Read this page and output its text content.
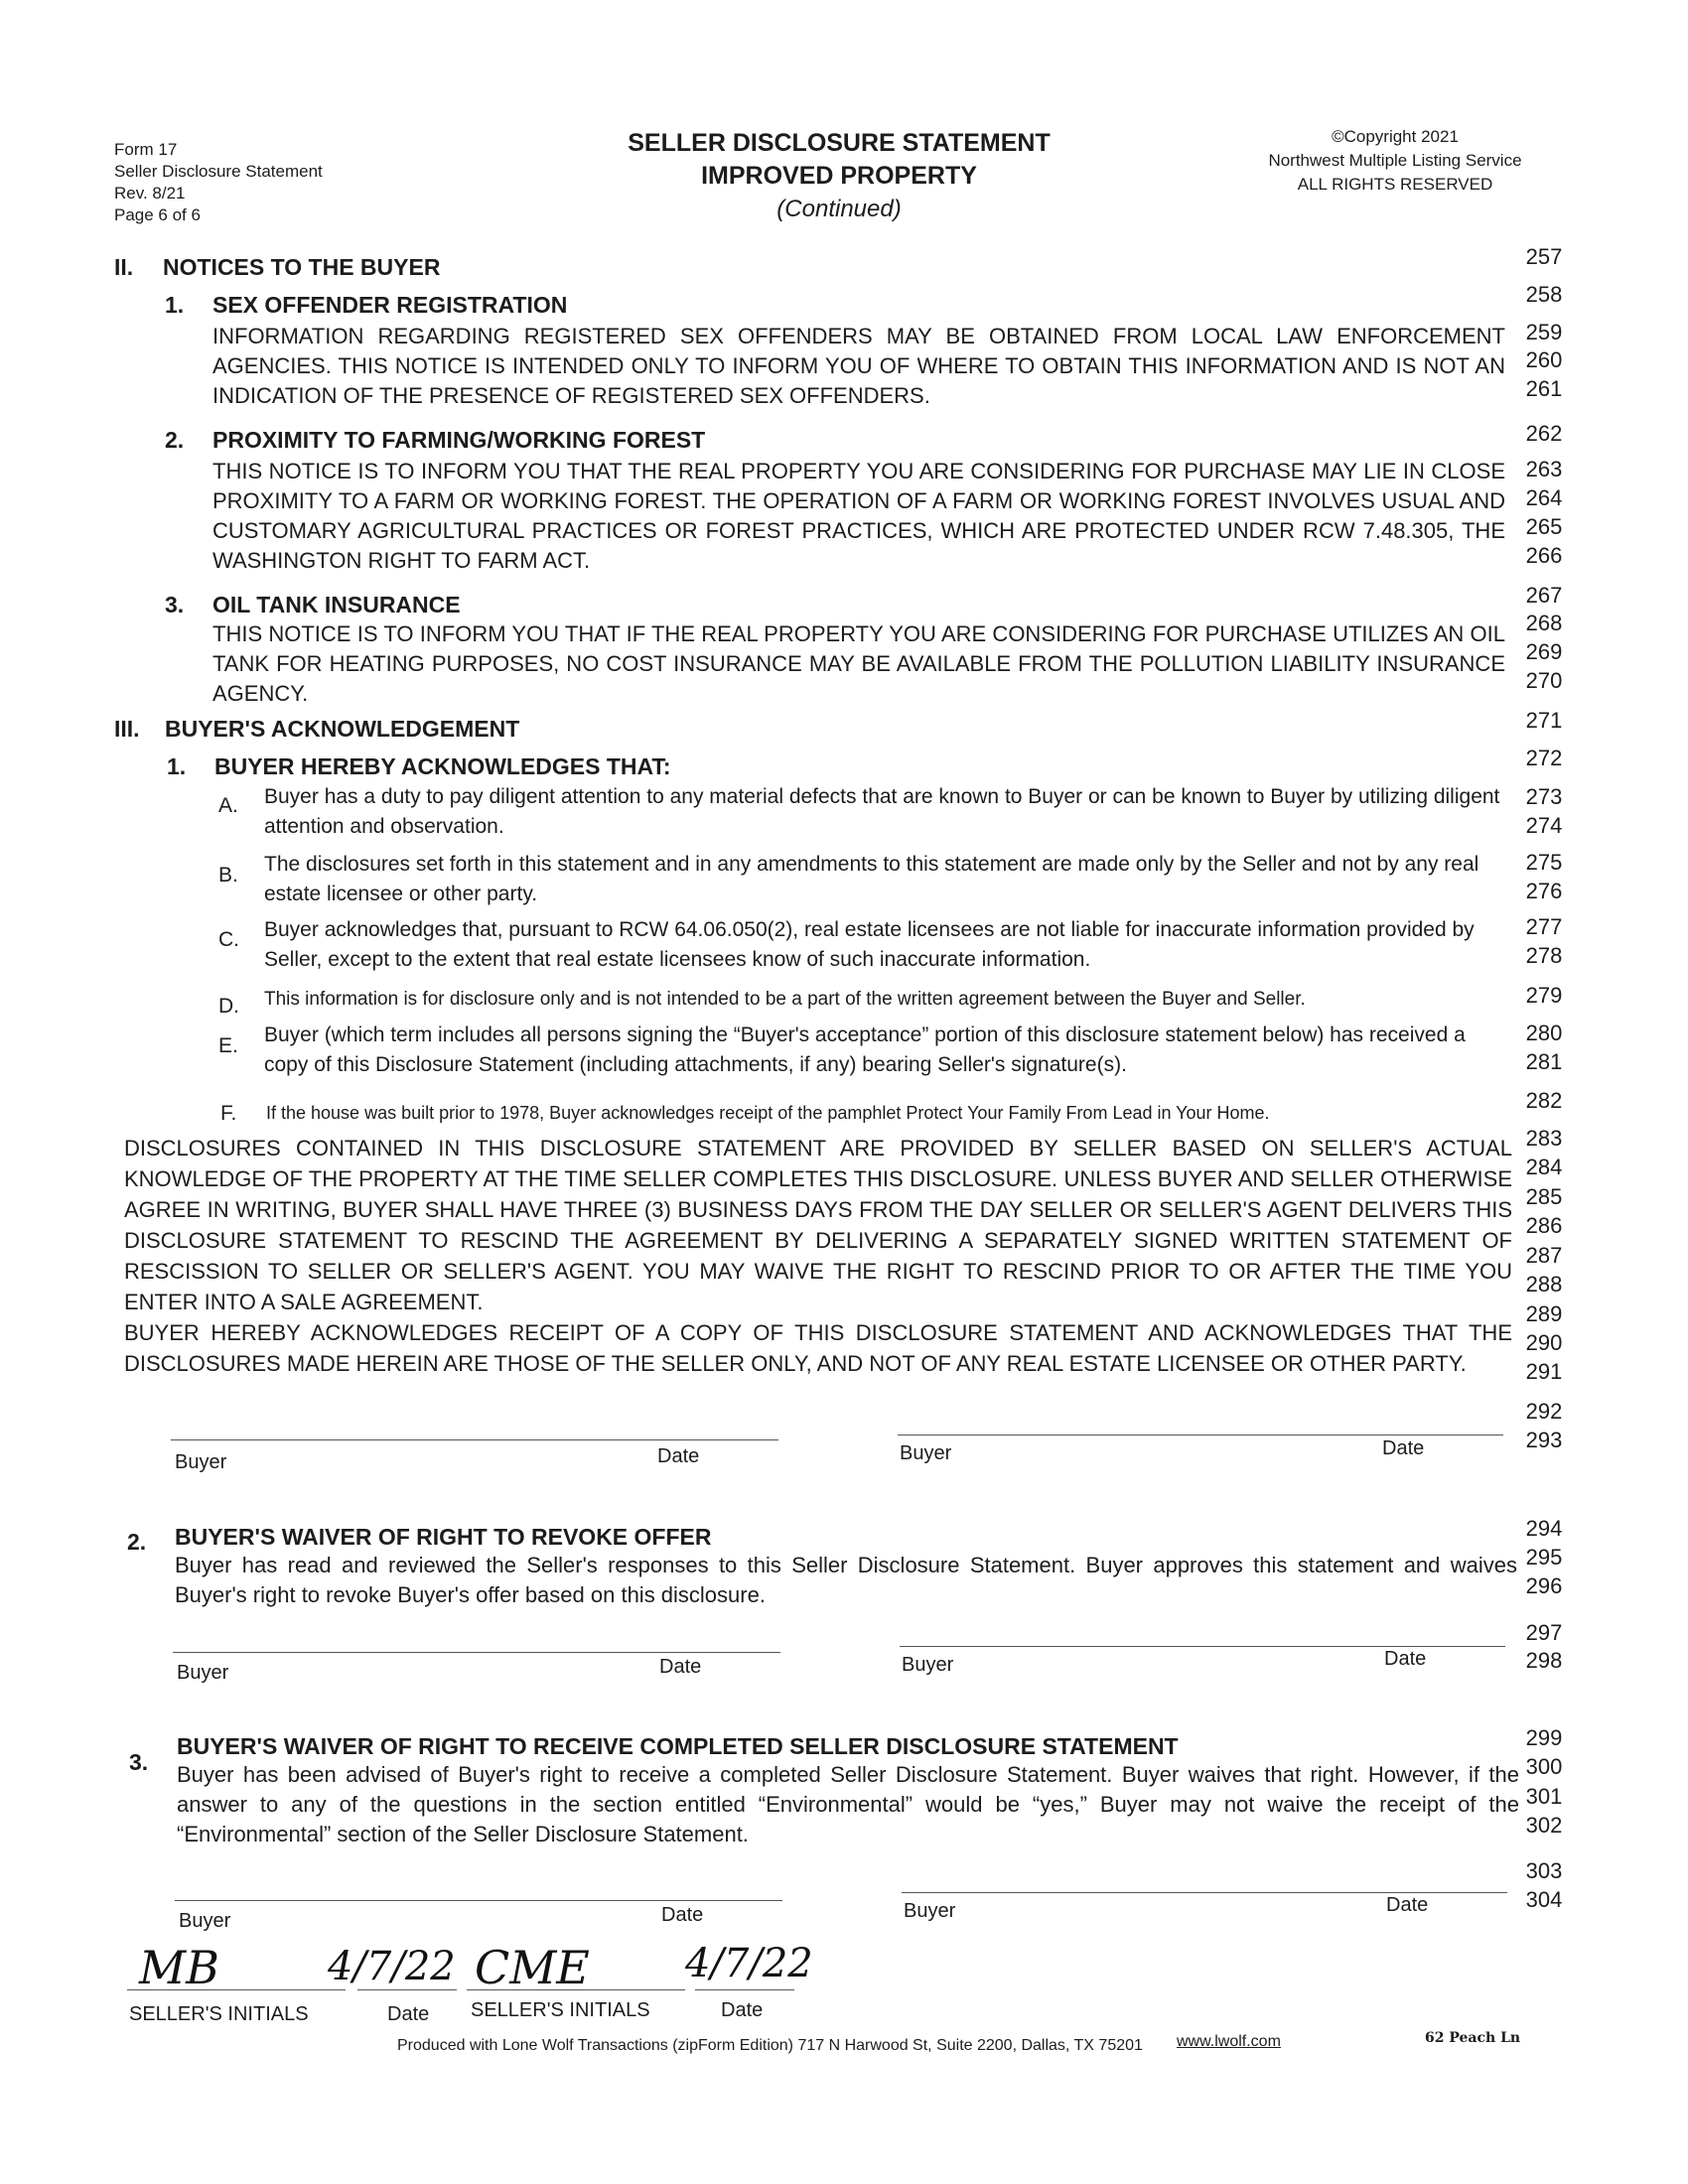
Form 17
Seller Disclosure Statement
Rev. 8/21
Page 6 of 6
SELLER DISCLOSURE STATEMENT
IMPROVED PROPERTY
(Continued)
©Copyright 2021
Northwest Multiple Listing Service
ALL RIGHTS RESERVED
257
258
259
260
261
262
263
264
265
266
267
268
269
270
271
272
273
274
275
276
277
278
279
280
281
282
283
284
285
286
287
288
289
290
291
292
293
294
295
296
297
298
299
300
301
302
303
304
II. NOTICES TO THE BUYER
1. SEX OFFENDER REGISTRATION
INFORMATION REGARDING REGISTERED SEX OFFENDERS MAY BE OBTAINED FROM LOCAL LAW ENFORCEMENT AGENCIES. THIS NOTICE IS INTENDED ONLY TO INFORM YOU OF WHERE TO OBTAIN THIS INFORMATION AND IS NOT AN INDICATION OF THE PRESENCE OF REGISTERED SEX OFFENDERS.
2. PROXIMITY TO FARMING/WORKING FOREST
THIS NOTICE IS TO INFORM YOU THAT THE REAL PROPERTY YOU ARE CONSIDERING FOR PURCHASE MAY LIE IN CLOSE PROXIMITY TO A FARM OR WORKING FOREST. THE OPERATION OF A FARM OR WORKING FOREST INVOLVES USUAL AND CUSTOMARY AGRICULTURAL PRACTICES OR FOREST PRACTICES, WHICH ARE PROTECTED UNDER RCW 7.48.305, THE WASHINGTON RIGHT TO FARM ACT.
3. OIL TANK INSURANCE
THIS NOTICE IS TO INFORM YOU THAT IF THE REAL PROPERTY YOU ARE CONSIDERING FOR PURCHASE UTILIZES AN OIL TANK FOR HEATING PURPOSES, NO COST INSURANCE MAY BE AVAILABLE FROM THE POLLUTION LIABILITY INSURANCE AGENCY.
III. BUYER'S ACKNOWLEDGEMENT
1. BUYER HEREBY ACKNOWLEDGES THAT:
A. Buyer has a duty to pay diligent attention to any material defects that are known to Buyer or can be known to Buyer by utilizing diligent attention and observation.
B. The disclosures set forth in this statement and in any amendments to this statement are made only by the Seller and not by any real estate licensee or other party.
C. Buyer acknowledges that, pursuant to RCW 64.06.050(2), real estate licensees are not liable for inaccurate information provided by Seller, except to the extent that real estate licensees know of such inaccurate information.
D. This information is for disclosure only and is not intended to be a part of the written agreement between the Buyer and Seller.
E. Buyer (which term includes all persons signing the “Buyer's acceptance” portion of this disclosure statement below) has received a copy of this Disclosure Statement (including attachments, if any) bearing Seller's signature(s).
F. If the house was built prior to 1978, Buyer acknowledges receipt of the pamphlet Protect Your Family From Lead in Your Home.
DISCLOSURES CONTAINED IN THIS DISCLOSURE STATEMENT ARE PROVIDED BY SELLER BASED ON SELLER'S ACTUAL KNOWLEDGE OF THE PROPERTY AT THE TIME SELLER COMPLETES THIS DISCLOSURE. UNLESS BUYER AND SELLER OTHERWISE AGREE IN WRITING, BUYER SHALL HAVE THREE (3) BUSINESS DAYS FROM THE DAY SELLER OR SELLER'S AGENT DELIVERS THIS DISCLOSURE STATEMENT TO RESCIND THE AGREEMENT BY DELIVERING A SEPARATELY SIGNED WRITTEN STATEMENT OF RESCISSION TO SELLER OR SELLER'S AGENT. YOU MAY WAIVE THE RIGHT TO RESCIND PRIOR TO OR AFTER THE TIME YOU ENTER INTO A SALE AGREEMENT.
BUYER HEREBY ACKNOWLEDGES RECEIPT OF A COPY OF THIS DISCLOSURE STATEMENT AND ACKNOWLEDGES THAT THE DISCLOSURES MADE HEREIN ARE THOSE OF THE SELLER ONLY, AND NOT OF ANY REAL ESTATE LICENSEE OR OTHER PARTY.
Buyer	Date	Buyer	Date
2. BUYER'S WAIVER OF RIGHT TO REVOKE OFFER
Buyer has read and reviewed the Seller's responses to this Seller Disclosure Statement. Buyer approves this statement and waives Buyer's right to revoke Buyer's offer based on this disclosure.
Buyer	Date	Buyer	Date
3.
BUYER'S WAIVER OF RIGHT TO RECEIVE COMPLETED SELLER DISCLOSURE STATEMENT
Buyer has been advised of Buyer's right to receive a completed Seller Disclosure Statement. Buyer waives that right. However, if the answer to any of the questions in the section entitled “Environmental” would be “yes,” Buyer may not waive the receipt of the “Environmental” section of the Seller Disclosure Statement.
Buyer	Date	Buyer	Date
MB	4/7/22 CME 4/7/22
SELLER'S INITIALS	Date SELLER'S INITIALS	Date
Produced with Lone Wolf Transactions (zipForm Edition) 717 N Harwood St, Suite 2200, Dallas, TX 75201 www.lwolf.com	62 Peach Ln
